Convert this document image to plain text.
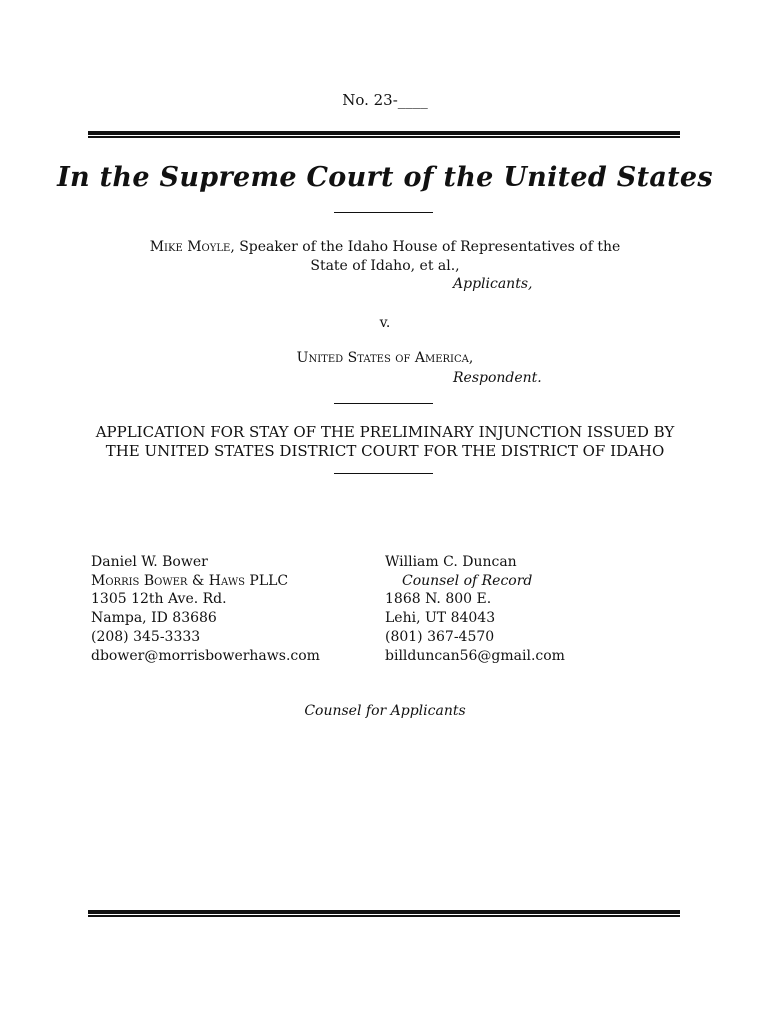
No. 23-____
In the Supreme Court of the United States
Mike Moyle, Speaker of the Idaho House of Representatives of the
State of Idaho, et al.,
Applicants,
v.
United States of America,
Respondent.
APPLICATION FOR STAY OF THE PRELIMINARY INJUNCTION ISSUED BY
THE UNITED STATES DISTRICT COURT FOR THE DISTRICT OF IDAHO
Daniel W. Bower
Morris Bower & Haws PLLC
1305 12th Ave. Rd.
Nampa, ID 83686
(208) 345-3333
dbower@morrisbowerhaws.com
William C. Duncan
Counsel of Record
1868 N. 800 E.
Lehi, UT 84043
(801) 367-4570
billduncan56@gmail.com
Counsel for Applicants
